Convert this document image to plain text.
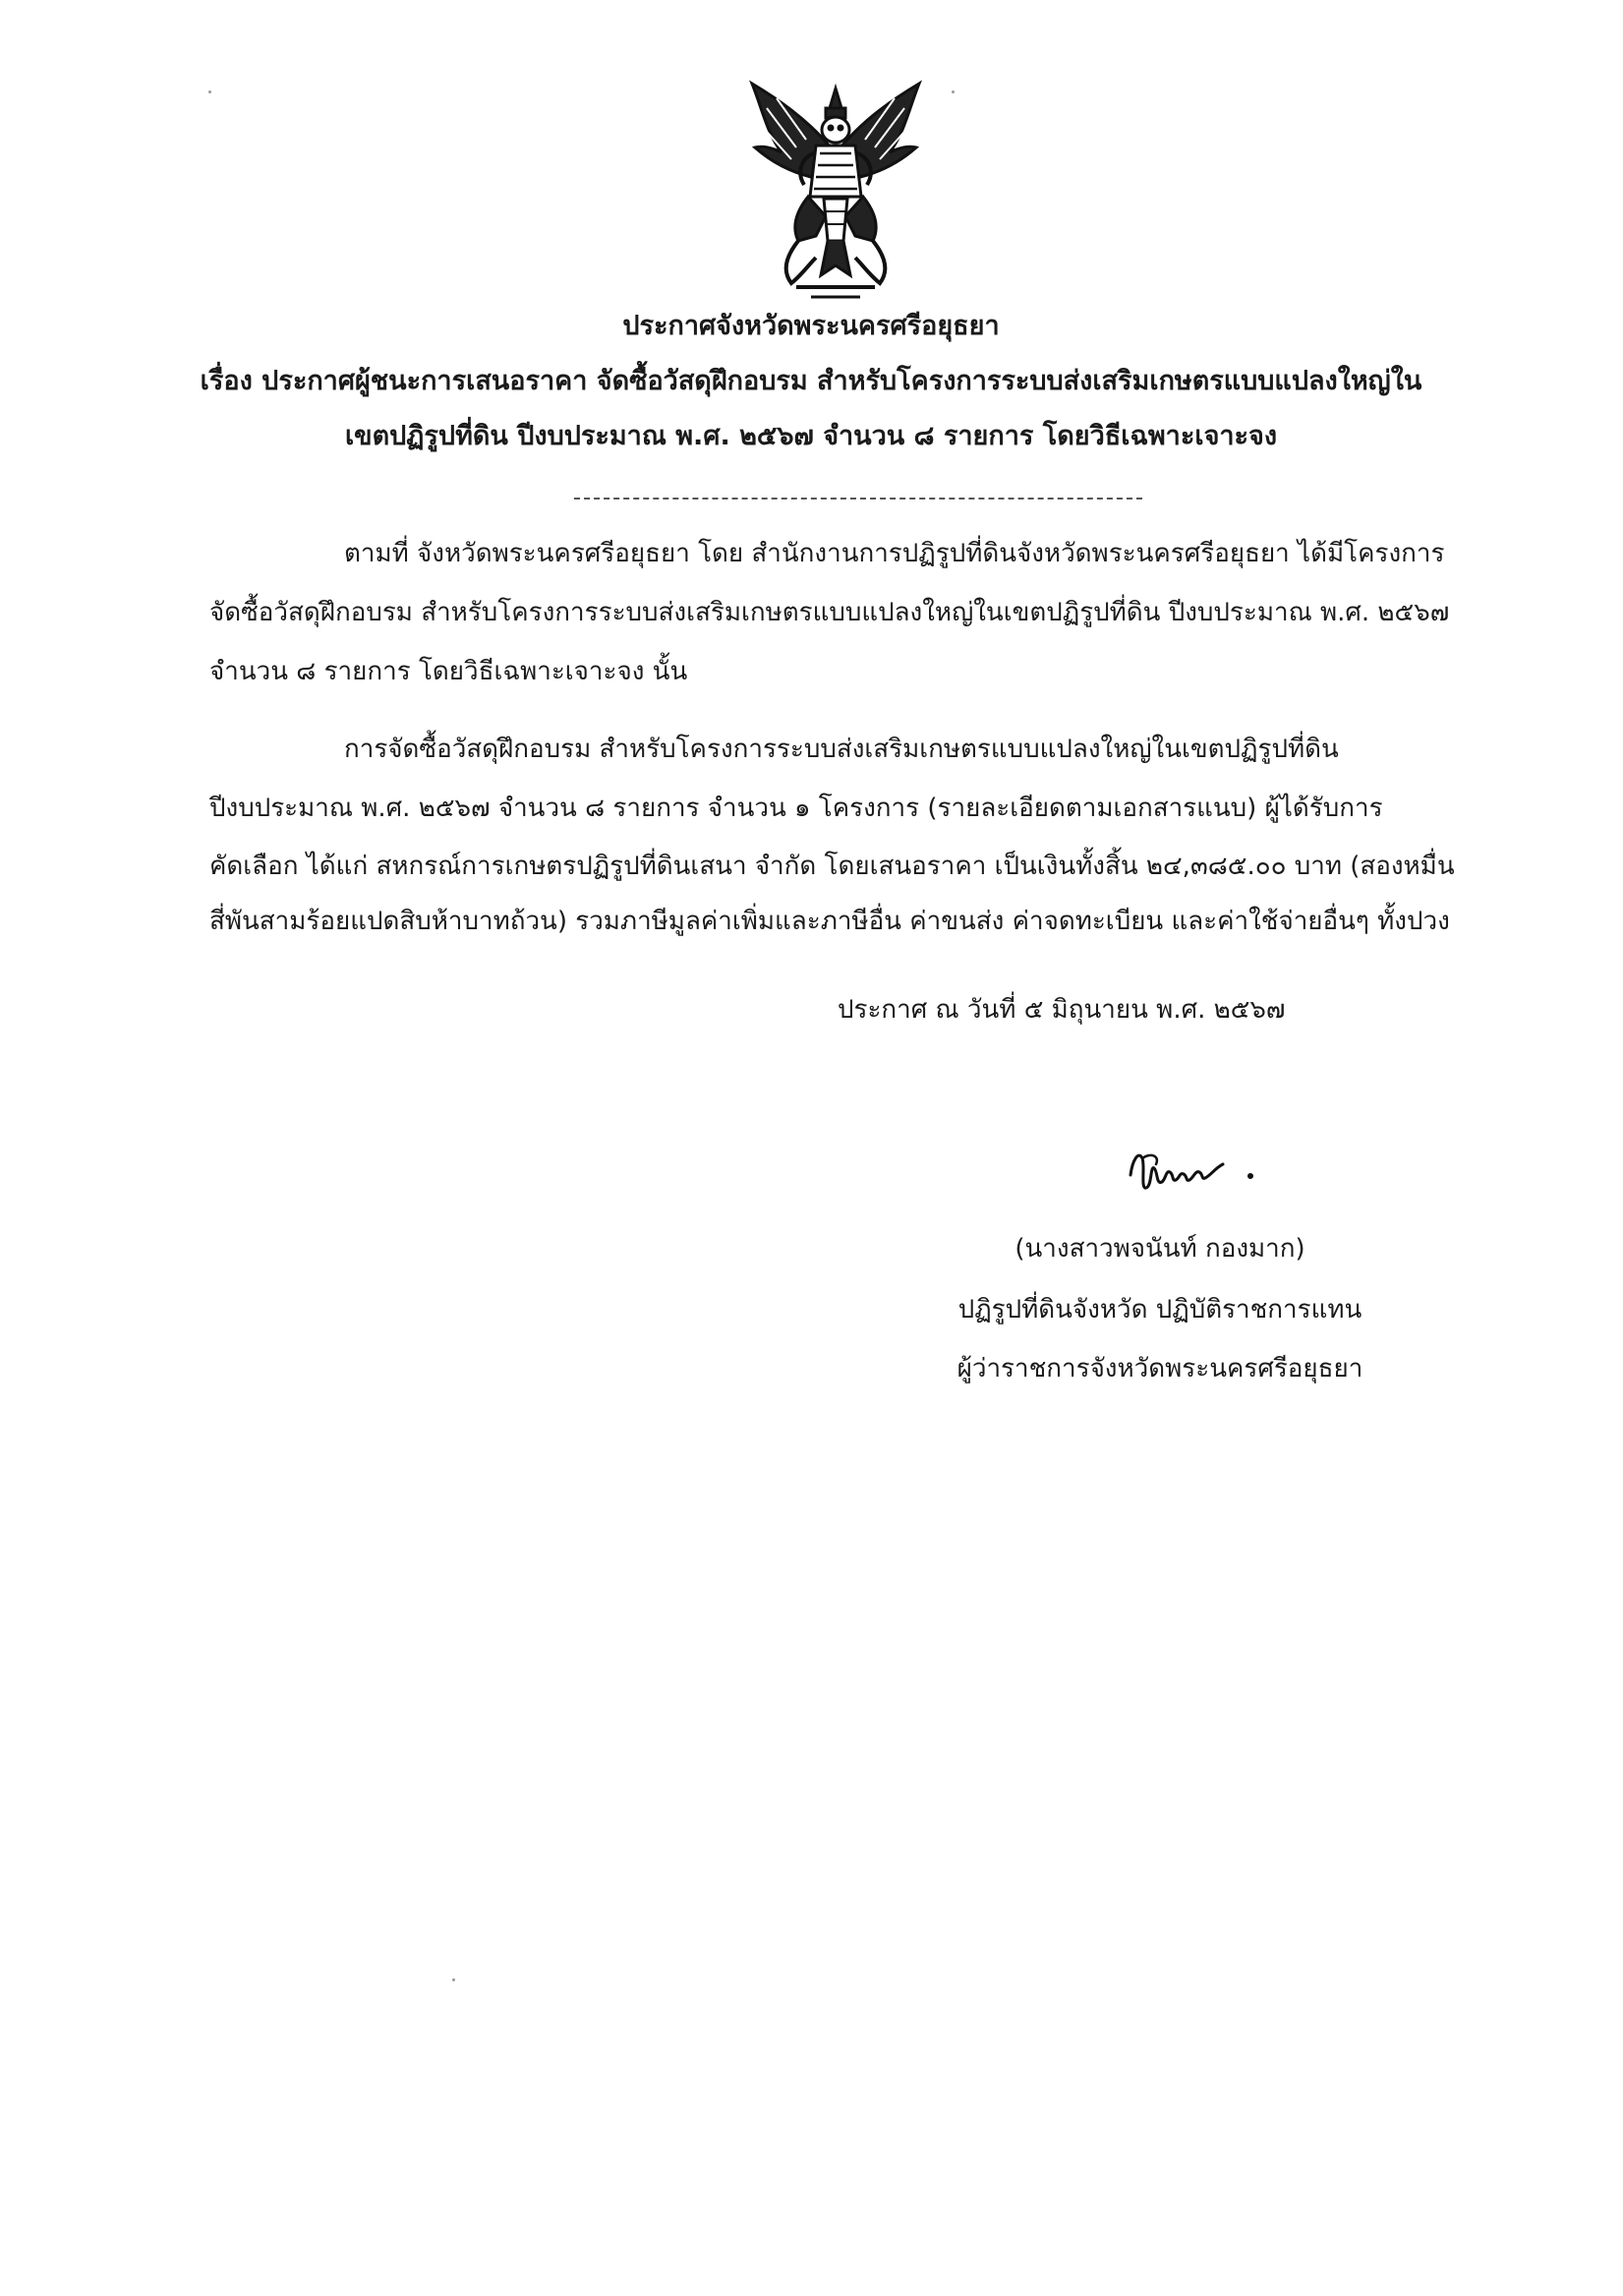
ประกาศจังหวัดพระนครศรีอยุธยา
เรื่อง ประกาศผู้ชนะการเสนอราคา จัดซื้อวัสดุฝึกอบรม สำหรับโครงการระบบส่งเสริมเกษตรแบบแปลงใหญ่ใน
เขตปฏิรูปที่ดิน ปีงบประมาณ พ.ศ. ๒๕๖๗ จำนวน ๘ รายการ โดยวิธีเฉพาะเจาะจง
ตามที่ จังหวัดพระนครศรีอยุธยา โดย สำนักงานการปฏิรูปที่ดินจังหวัดพระนครศรีอยุธยา ได้มีโครงการ
จัดซื้อวัสดุฝึกอบรม สำหรับโครงการระบบส่งเสริมเกษตรแบบแปลงใหญ่ในเขตปฏิรูปที่ดิน ปีงบประมาณ พ.ศ. ๒๕๖๗
จำนวน ๘ รายการ โดยวิธีเฉพาะเจาะจง นั้น
การจัดซื้อวัสดุฝึกอบรม สำหรับโครงการระบบส่งเสริมเกษตรแบบแปลงใหญ่ในเขตปฏิรูปที่ดิน
ปีงบประมาณ พ.ศ. ๒๕๖๗ จำนวน ๘ รายการ จำนวน ๑ โครงการ (รายละเอียดตามเอกสารแนบ) ผู้ได้รับการ
คัดเลือก ได้แก่ สหกรณ์การเกษตรปฏิรูปที่ดินเสนา จำกัด โดยเสนอราคา เป็นเงินทั้งสิ้น ๒๔,๓๘๕.๐๐ บาท (สองหมื่น
สี่พันสามร้อยแปดสิบห้าบาทถ้วน) รวมภาษีมูลค่าเพิ่มและภาษีอื่น ค่าขนส่ง ค่าจดทะเบียน และค่าใช้จ่ายอื่นๆ ทั้งปวง
ประกาศ ณ วันที่ ๕ มิถุนายน พ.ศ. ๒๕๖๗
(นางสาวพจนันท์ กองมาก)
ปฏิรูปที่ดินจังหวัด ปฏิบัติราชการแทน
ผู้ว่าราชการจังหวัดพระนครศรีอยุธยา
